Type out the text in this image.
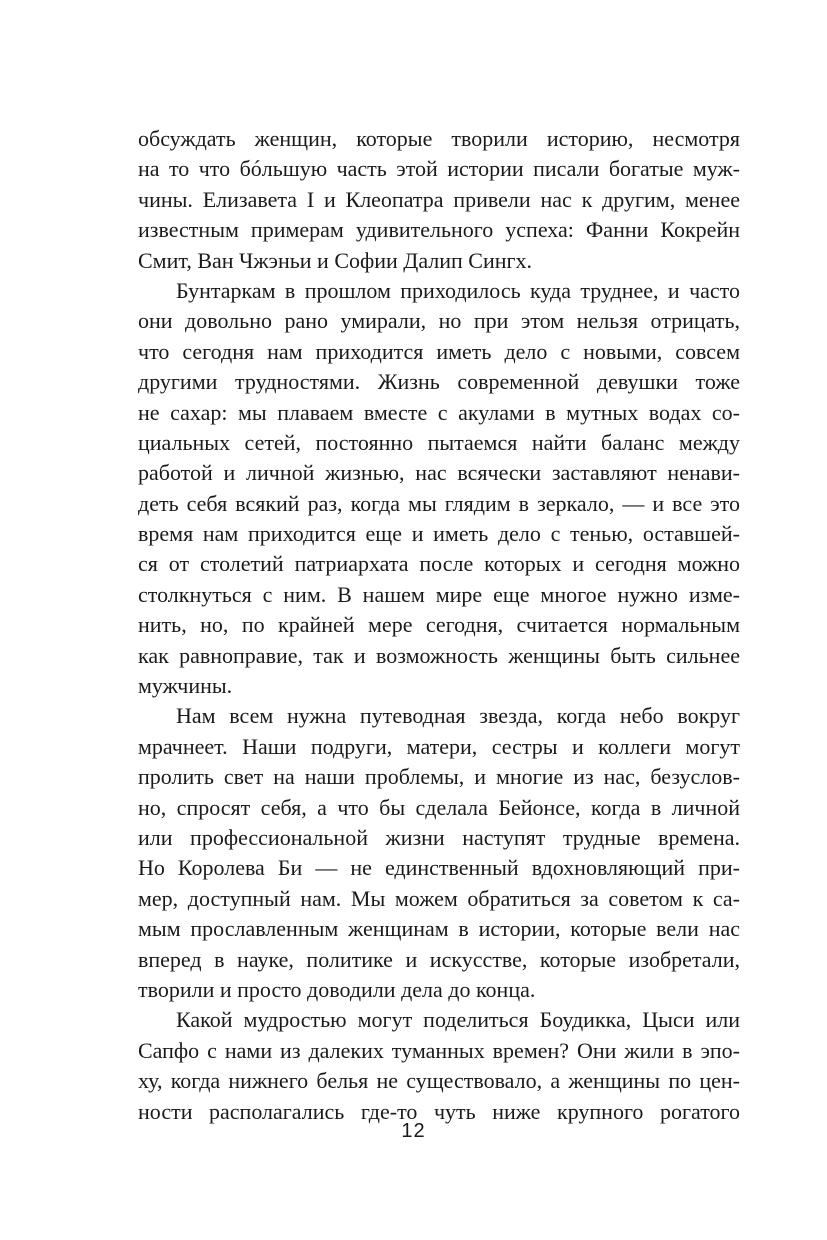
обсуждать женщин, которые творили историю, несмотря
на то что бóльшую часть этой истории писали богатые муж-
чины. Елизавета I и Клеопатра привели нас к другим, менее
известным примерам удивительного успеха: Фанни Кокрейн
Смит, Ван Чжэньи и Софии Далип Сингх.
Бунтаркам в прошлом приходилось куда труднее, и часто
они довольно рано умирали, но при этом нельзя отрицать,
что сегодня нам приходится иметь дело с новыми, совсем
другими трудностями. Жизнь современной девушки тоже
не сахар: мы плаваем вместе с акулами в мутных водах со-
циальных сетей, постоянно пытаемся найти баланс между
работой и личной жизнью, нас всячески заставляют ненави-
деть себя всякий раз, когда мы глядим в зеркало, — и все это
время нам приходится еще и иметь дело с тенью, оставшей-
ся от столетий патриархата после которых и сегодня можно
столкнуться с ним. В нашем мире еще многое нужно изме-
нить, но, по крайней мере сегодня, считается нормальным
как равноправие, так и возможность женщины быть сильнее
мужчины.
Нам всем нужна путеводная звезда, когда небо вокруг
мрачнеет. Наши подруги, матери, сестры и коллеги могут
пролить свет на наши проблемы, и многие из нас, безуслов-
но, спросят себя, а что бы сделала Бейонсе, когда в личной
или профессиональной жизни наступят трудные времена.
Но Королева Би — не единственный вдохновляющий при-
мер, доступный нам. Мы можем обратиться за советом к са-
мым прославленным женщинам в истории, которые вели нас
вперед в науке, политике и искусстве, которые изобретали,
творили и просто доводили дела до конца.
Какой мудростью могут поделиться Боудикка, Цыси или
Сапфо с нами из далеких туманных времен? Они жили в эпо-
ху, когда нижнего белья не существовало, а женщины по цен-
ности располагались где-то чуть ниже крупного рогатого
12
